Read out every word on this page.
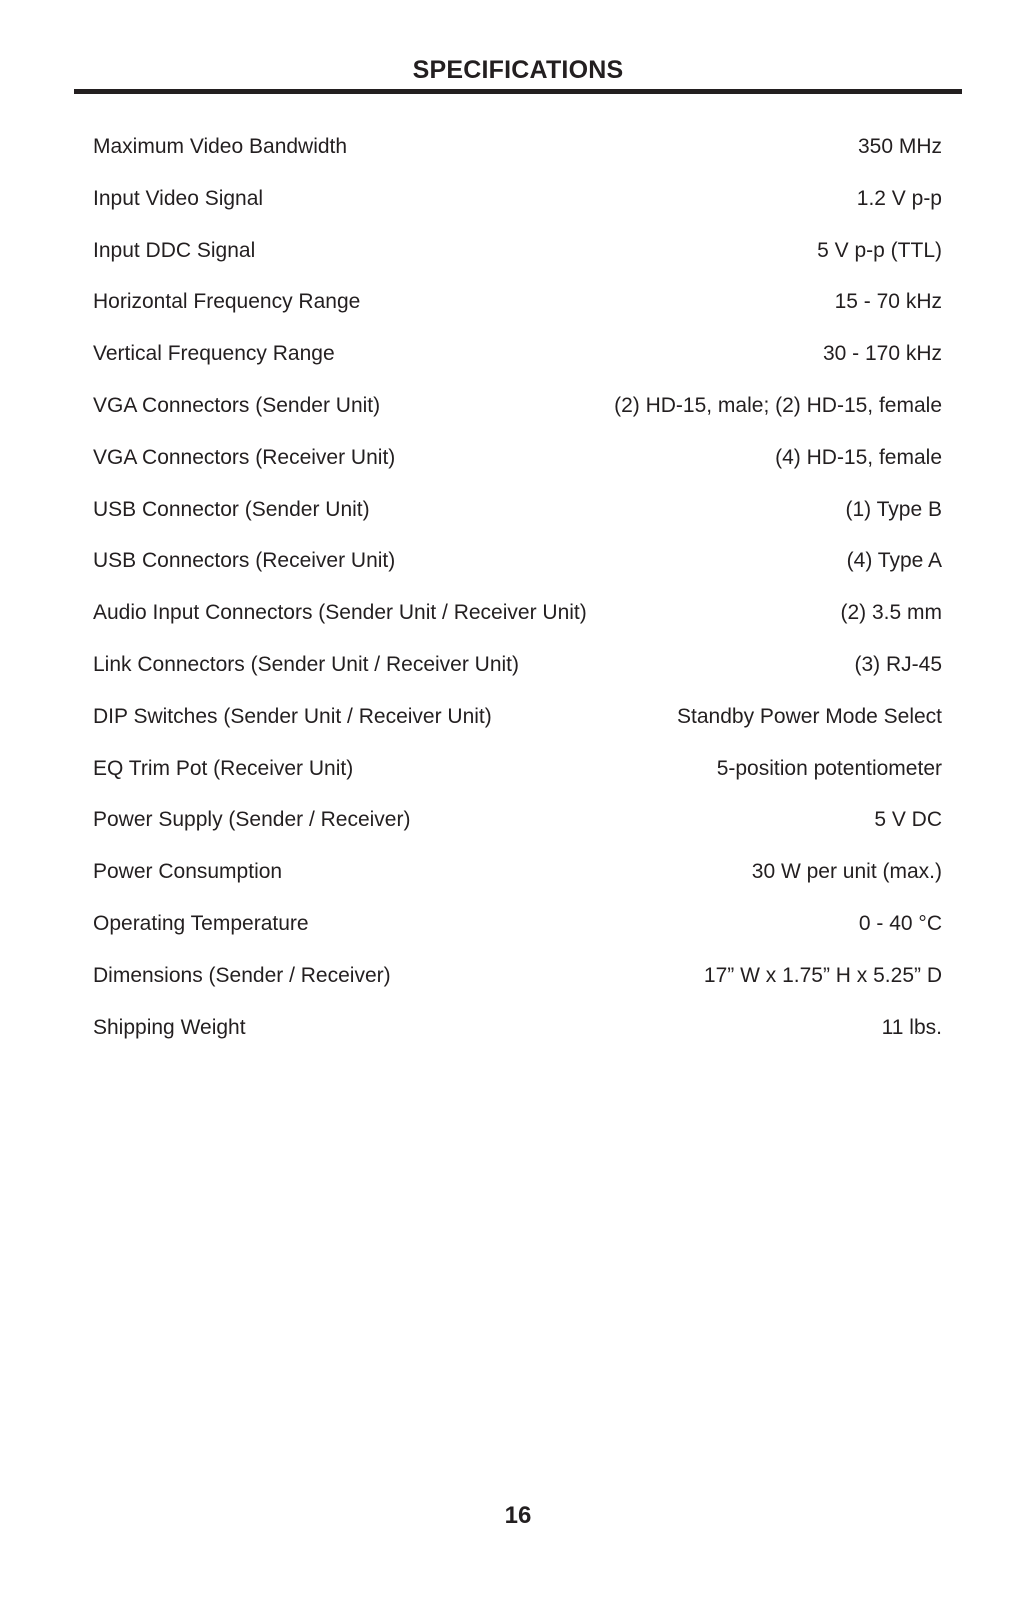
SPECIFICATIONS
Maximum Video Bandwidth	350 MHz
Input Video Signal	1.2 V p-p
Input DDC Signal	5 V p-p (TTL)
Horizontal Frequency Range	15 - 70 kHz
Vertical Frequency Range	30 - 170 kHz
VGA Connectors (Sender Unit)	(2) HD-15, male; (2) HD-15, female
VGA Connectors (Receiver Unit)	(4) HD-15, female
USB Connector (Sender Unit)	(1) Type B
USB Connectors (Receiver Unit)	(4) Type A
Audio Input Connectors (Sender Unit / Receiver Unit)	(2) 3.5 mm
Link Connectors (Sender Unit / Receiver Unit)	(3) RJ-45
DIP Switches (Sender Unit / Receiver Unit)	Standby Power Mode Select
EQ Trim Pot (Receiver Unit)	5-position potentiometer
Power Supply (Sender / Receiver)	5 V DC
Power Consumption	30 W per unit (max.)
Operating Temperature	0 - 40 °C
Dimensions (Sender / Receiver)	17” W x 1.75” H x 5.25” D
Shipping Weight	11 lbs.
16
